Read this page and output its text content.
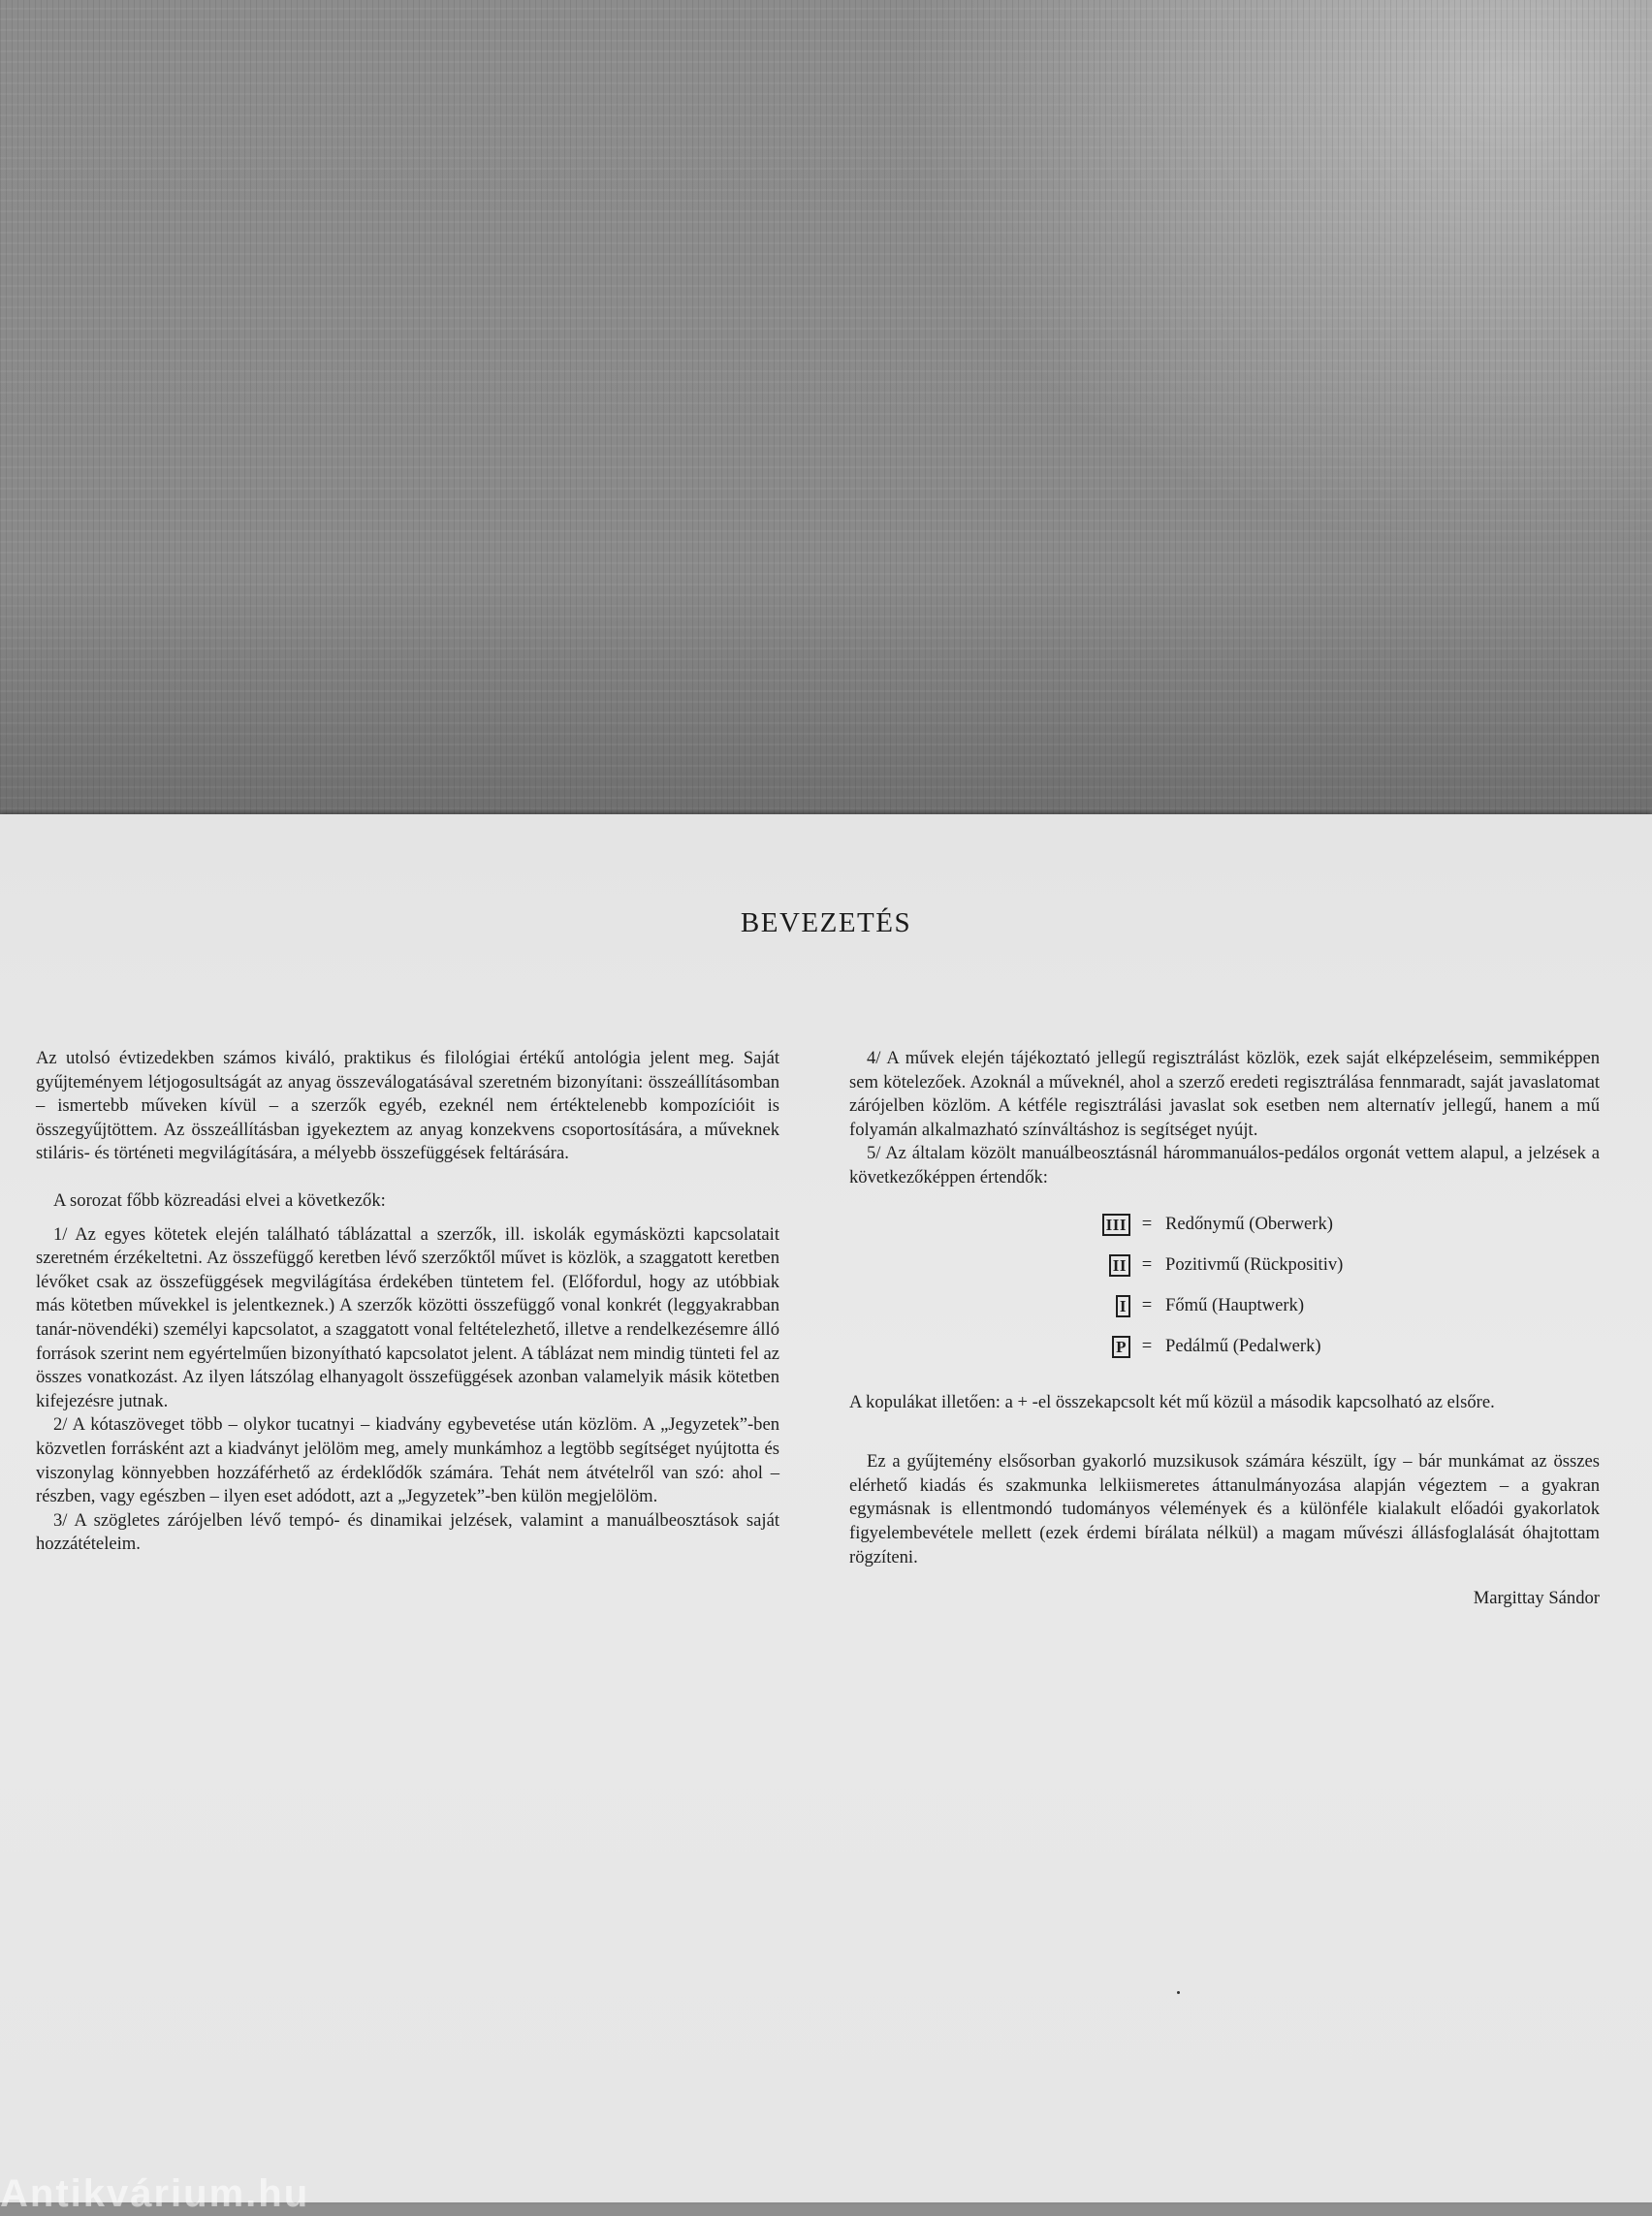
BEVEZETÉS

Az utolsó évtizedekben számos kiváló, praktikus és filológiai értékű antológia jelent meg. Saját gyűjteményem létjogosultságát az anyag összeválogatásával szeretném bizonyítani: összeállításomban – ismertebb műveken kívül – a szerzők egyéb, ezeknél nem értéktelenebb kompozícióit is összegyűjtöttem. Az összeállításban igyekeztem az anyag konzekvens csoportosítására, a műveknek stiláris- és történeti megvilágítására, a mélyebb összefüggések feltárására.

A sorozat főbb közreadási elvei a következők:

1/ Az egyes kötetek elején található táblázattal a szerzők, ill. iskolák egymásközti kapcsolatait szeretném érzékeltetni. Az összefüggő keretben lévő szerzőktől művet is közlök, a szaggatott keretben lévőket csak az összefüggések megvilágítása érdekében tüntetem fel. (Előfordul, hogy az utóbbiak más kötetben művekkel is jelentkeznek.) A szerzők közötti összefüggő vonal konkrét (leggyakrabban tanár-növendéki) személyi kapcsolatot, a szaggatott vonal feltételezhető, illetve a rendelkezésemre álló források szerint nem egyértelműen bizonyítható kapcsolatot jelent. A táblázat nem mindig tünteti fel az összes vonatkozást. Az ilyen látszólag elhanyagolt összefüggések azonban valamelyik másik kötetben kifejezésre jutnak.

2/ A kótaszöveget több – olykor tucatnyi – kiadvány egybevetése után közlöm. A „Jegyzetek”-ben közvetlen forrásként azt a kiadványt jelölöm meg, amely munkámhoz a legtöbb segítséget nyújtotta és viszonylag könnyebben hozzáférhető az érdeklődők számára. Tehát nem átvételről van szó: ahol – részben, vagy egészben – ilyen eset adódott, azt a „Jegyzetek”-ben külön megjelölöm.

3/ A szögletes zárójelben lévő tempó- és dinamikai jelzések, valamint a manuálbeosztások saját hozzátételeim.

4/ A művek elején tájékoztató jellegű regisztrálást közlök, ezek saját elképzeléseim, semmiképpen sem kötelezőek. Azoknál a műveknél, ahol a szerző eredeti regisztrálása fennmaradt, saját javaslatomat zárójelben közlöm. A kétféle regisztrálási javaslat sok esetben nem alternatív jellegű, hanem a mű folyamán alkalmazható színváltáshoz is segítséget nyújt.

5/ Az általam közölt manuálbeosztásnál hárommanuálos-pedálos orgonát vettem alapul, a jelzések a következőképpen értendők:

III = Redőnymű (Oberwerk)
II = Pozitivmű (Rückpositiv)
I = Főmű (Hauptwerk)
P = Pedálmű (Pedalwerk)

A kopulákat illetően: a + -el összekapcsolt két mű közül a második kapcsolható az elsőre.

Ez a gyűjtemény elsősorban gyakorló muzsikusok számára készült, így – bár munkámat az összes elérhető kiadás és szakmunka lelkiismeretes áttanulmányozása alapján végeztem – a gyakran egymásnak is ellentmondó tudományos vélemények és a különféle kialakult előadói gyakorlatok figyelembevétele mellett (ezek érdemi bírálata nélkül) a magam művészi állásfoglalását óhajtottam rögzíteni.

Margittay Sándor

Antikvárium.hu
